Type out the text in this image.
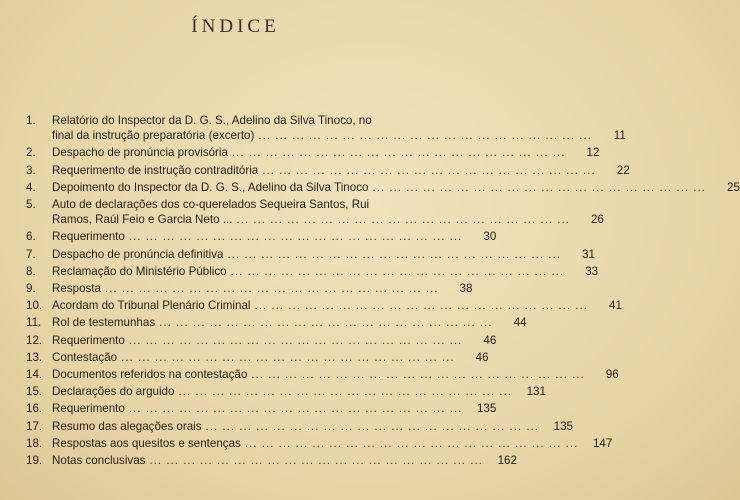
ÍNDICE
1.	Relatório do Inspector da D. G. S., Adelino da Silva Tinoco, no
final da instrução preparatória (excerto) ... ... ... ... ... ... ... ... ... ... ... ... ... ... ... ... ... ... ... ...	11
2.	Despacho de pronúncia provisória ... ... ... ... ... ... ... ... ... ... ... ... ... ... ... ... ... ... ... ...	12
3.	Requerimento de instrução contraditória ... ... ... ... ... ... ... ... ... ... ... ... ... ... ... ... ... ... ... ...	22
4.	Depoimento do Inspector da D. G. S., Adelino da Silva Tinoco ... ... ... ... ... ... ... ... ... ... ... ... ... ... ... ... ... ... ... ...	25
5.	Auto de declarações dos co-querelados Sequeira Santos, Rui
Ramos, Raúl Feio e Garcia Neto ... ... ... ... ... ... ... ... ... ... ... ... ... ... ... ... ... ... ... ... ...	26
6.	Requerimento ... ... ... ... ... ... ... ... ... ... ... ... ... ... ... ... ... ... ... ...	30
7.	Despacho de pronúncia definitiva ... ... ... ... ... ... ... ... ... ... ... ... ... ... ... ... ... ... ... ...	31
8.	Reclamação do Ministério Público ... ... ... ... ... ... ... ... ... ... ... ... ... ... ... ... ... ... ... ...	33
9.	Resposta ... ... ... ... ... ... ... ... ... ... ... ... ... ... ... ... ... ... ... ...	38
10. Acordam do Tribunal Plenário Criminal ... ... ... ... ... ... ... ... ... ... ... ... ... ... ... ... ... ... ... ...	41
11. Rol de testemunhas ... ... ... ... ... ... ... ... ... ... ... ... ... ... ... ... ... ... ... ...	44
12. Requerimento ... ... ... ... ... ... ... ... ... ... ... ... ... ... ... ... ... ... ... ...	46
13. Contestação ... ... ... ... ... ... ... ... ... ... ... ... ... ... ... ... ... ... ... ...	46
14. Documentos referidos na contestação ... ... ... ... ... ... ... ... ... ... ... ... ... ... ... ... ... ... ... ...	96
15. Declarações do arguido ... ... ... ... ... ... ... ... ... ... ... ... ... ... ... ... ... ... ... ...	131
16. Requerimento ... ... ... ... ... ... ... ... ... ... ... ... ... ... ... ... ... ... ... ...	135
17. Resumo das alegações orais ... ... ... ... ... ... ... ... ... ... ... ... ... ... ... ... ... ... ... ...	135
18. Respostas aos quesitos e sentenças ... ... ... ... ... ... ... ... ... ... ... ... ... ... ... ... ... ... ... ...	147
19. Notas conclusivas ... ... ... ... ... ... ... ... ... ... ... ... ... ... ... ... ... ... ... ...	162
